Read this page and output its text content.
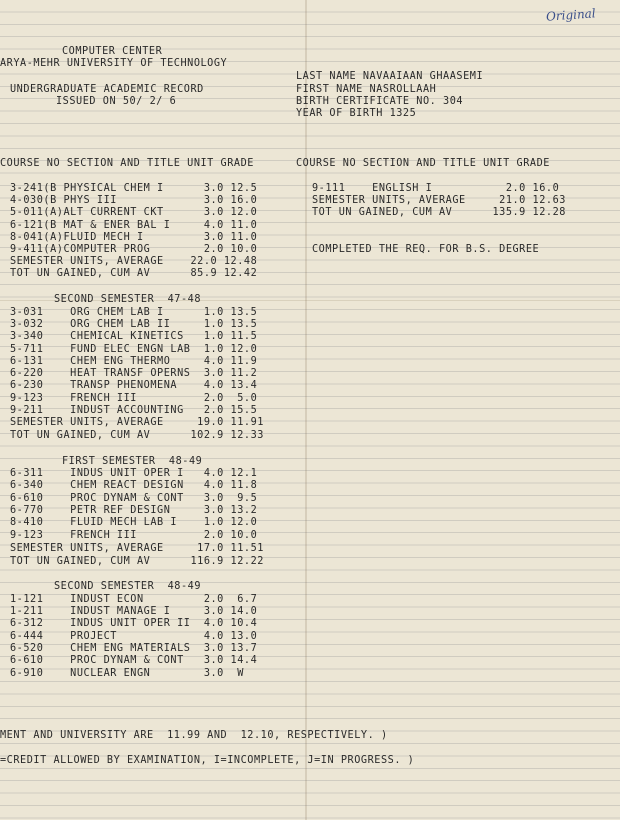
Original
COMPUTER CENTER
ARYA-MEHR UNIVERSITY OF TECHNOLOGY
UNDERGRADUATE ACADEMIC RECORD
ISSUED ON 50/ 2/ 6
LAST NAME NAVAAIAAN GHAASEMI
FIRST NAME NASROLLAAH
BIRTH CERTIFICATE NO. 304
YEAR OF BIRTH 1325
COURSE NO SECTION AND TITLE UNIT GRADE	COURSE NO SECTION AND TITLE UNIT GRADE
3-241(B PHYSICAL CHEM I      3.0 12.5
4-030(B PHYS III             3.0 16.0
5-011(A)ALT CURRENT CKT      3.0 12.0
6-121(B MAT & ENER BAL I     4.0 11.0
8-041(A)FLUID MECH I         3.0 11.0
9-411(A)COMPUTER PROG        2.0 10.0
SEMESTER UNITS, AVERAGE    22.0 12.48
TOT UN GAINED, CUM AV      85.9 12.42
SECOND SEMESTER  47-48
3-031    ORG CHEM LAB I      1.0 13.5
3-032    ORG CHEM LAB II     1.0 13.5
3-340    CHEMICAL KINETICS   1.0 11.5
5-711    FUND ELEC ENGN LAB  1.0 12.0
6-131    CHEM ENG THERMO     4.0 11.9
6-220    HEAT TRANSF OPERNS  3.0 11.2
6-230    TRANSP PHENOMENA    4.0 13.4
9-123    FRENCH III          2.0  5.0
9-211    INDUST ACCOUNTING   2.0 15.5
SEMESTER UNITS, AVERAGE     19.0 11.91
TOT UN GAINED, CUM AV      102.9 12.33
FIRST SEMESTER  48-49
6-311    INDUS UNIT OPER I   4.0 12.1
6-340    CHEM REACT DESIGN   4.0 11.8
6-610    PROC DYNAM & CONT   3.0  9.5
6-770    PETR REF DESIGN     3.0 13.2
8-410    FLUID MECH LAB I    1.0 12.0
9-123    FRENCH III          2.0 10.0
SEMESTER UNITS, AVERAGE     17.0 11.51
TOT UN GAINED, CUM AV      116.9 12.22
SECOND SEMESTER  48-49
1-121    INDUST ECON         2.0  6.7
1-211    INDUST MANAGE I     3.0 14.0
6-312    INDUS UNIT OPER II  4.0 10.4
6-444    PROJECT             4.0 13.0
6-520    CHEM ENG MATERIALS  3.0 13.7
6-610    PROC DYNAM & CONT   3.0 14.4
6-910    NUCLEAR ENGN        3.0  W
9-111    ENGLISH I           2.0 16.0
SEMESTER UNITS, AVERAGE     21.0 12.63
TOT UN GAINED, CUM AV      135.9 12.28
COMPLETED THE REQ. FOR B.S. DEGREE
MENT AND UNIVERSITY ARE  11.99 AND  12.10, RESPECTIVELY. )
=CREDIT ALLOWED BY EXAMINATION, I=INCOMPLETE, J=IN PROGRESS. )
